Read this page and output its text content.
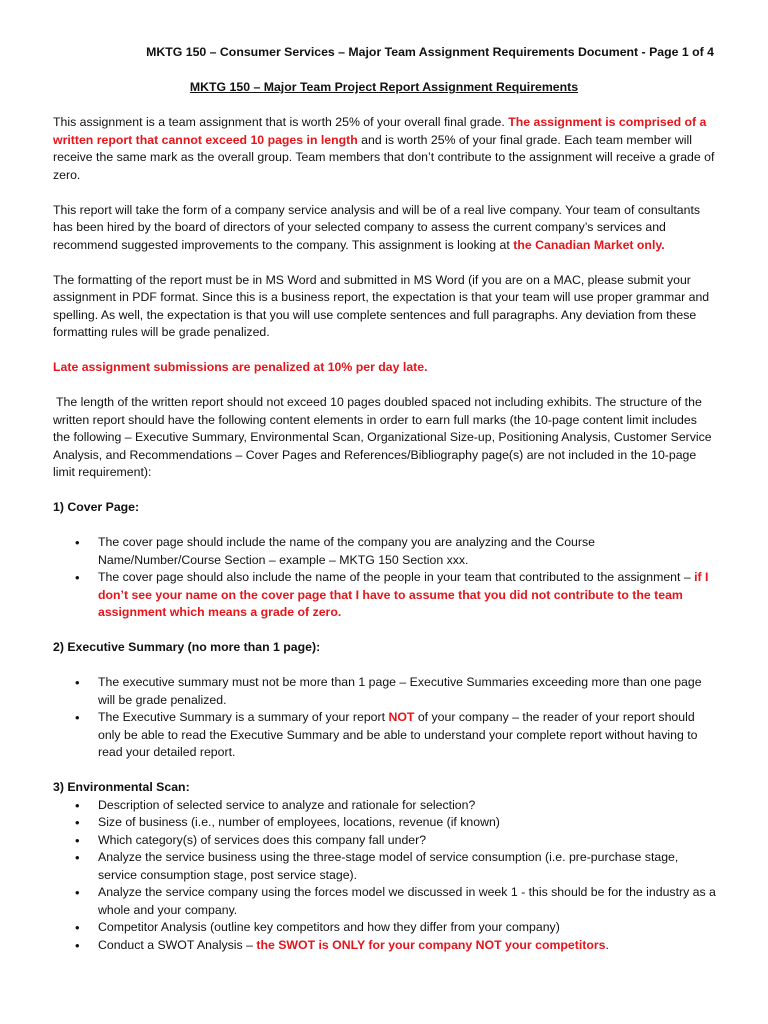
MKTG 150 – Consumer Services – Major Team Assignment Requirements Document - Page 1 of 4
MKTG 150 – Major Team Project Report Assignment Requirements

This assignment is a team assignment that is worth 25% of your overall final grade. The assignment is comprised of a written report that cannot exceed 10 pages in length and is worth 25% of your final grade. Each team member will receive the same mark as the overall group. Team members that don’t contribute to the assignment will receive a grade of zero.

This report will take the form of a company service analysis and will be of a real live company. Your team of consultants has been hired by the board of directors of your selected company to assess the current company’s services and recommend suggested improvements to the company. This assignment is looking at the Canadian Market only.

The formatting of the report must be in MS Word and submitted in MS Word (if you are on a MAC, please submit your assignment in PDF format. Since this is a business report, the expectation is that your team will use proper grammar and spelling. As well, the expectation is that you will use complete sentences and full paragraphs. Any deviation from these formatting rules will be grade penalized.

Late assignment submissions are penalized at 10% per day late.

The length of the written report should not exceed 10 pages doubled spaced not including exhibits. The structure of the written report should have the following content elements in order to earn full marks (the 10-page content limit includes the following – Executive Summary, Environmental Scan, Organizational Size-up, Positioning Analysis, Customer Service Analysis, and Recommendations – Cover Pages and References/Bibliography page(s) are not included in the 10-page limit requirement):

1) Cover Page:
• The cover page should include the name of the company you are analyzing and the Course Name/Number/Course Section – example – MKTG 150 Section xxx.
• The cover page should also include the name of the people in your team that contributed to the assignment – if I don’t see your name on the cover page that I have to assume that you did not contribute to the team assignment which means a grade of zero.
2) Executive Summary (no more than 1 page):
• The executive summary must not be more than 1 page – Executive Summaries exceeding more than one page will be grade penalized.
• The Executive Summary is a summary of your report NOT of your company – the reader of your report should only be able to read the Executive Summary and be able to understand your complete report without having to read your detailed report.
3) Environmental Scan:
• Description of selected service to analyze and rationale for selection?
• Size of business (i.e., number of employees, locations, revenue (if known)
• Which category(s) of services does this company fall under?
• Analyze the service business using the three-stage model of service consumption (i.e. pre-purchase stage, service consumption stage, post service stage).
• Analyze the service company using the forces model we discussed in week 1 - this should be for the industry as a whole and your company.
• Competitor Analysis (outline key competitors and how they differ from your company)
• Conduct a SWOT Analysis – the SWOT is ONLY for your company NOT your competitors.
